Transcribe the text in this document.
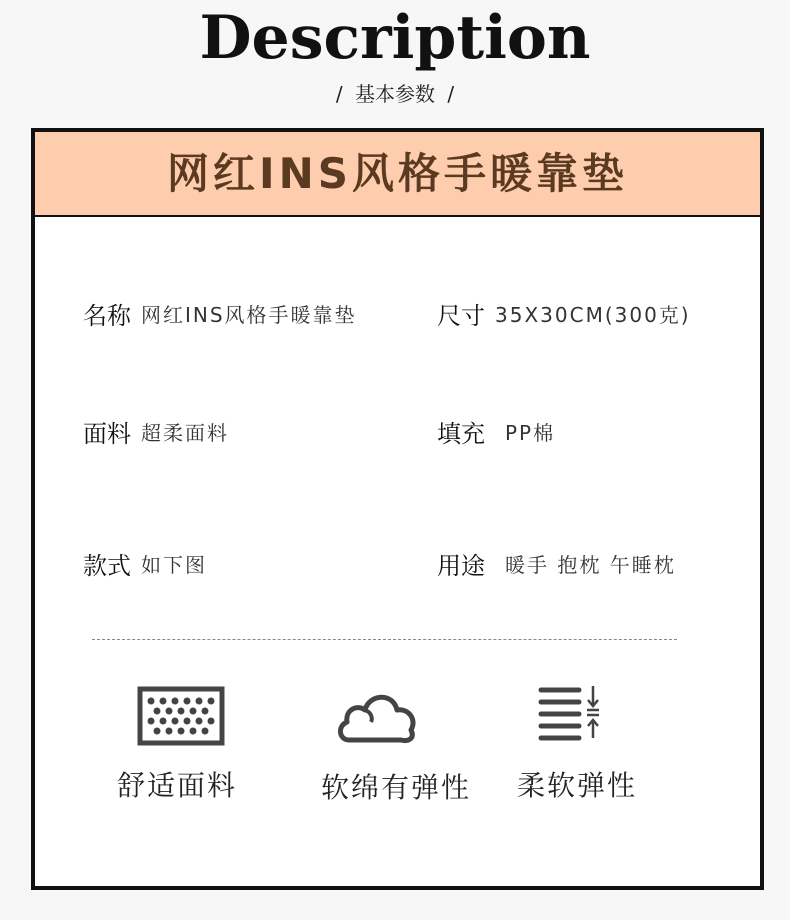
Description
/ 基本参数 /
网红INS风格手暖靠垫
名称 网红INS风格手暖靠垫	尺寸 35X30CM(300克)
面料 超柔面料	填充 PP棉
款式 如下图	用途 暖手 抱枕 午睡枕
舒适面料	软绵有弹性 柔软弹性
